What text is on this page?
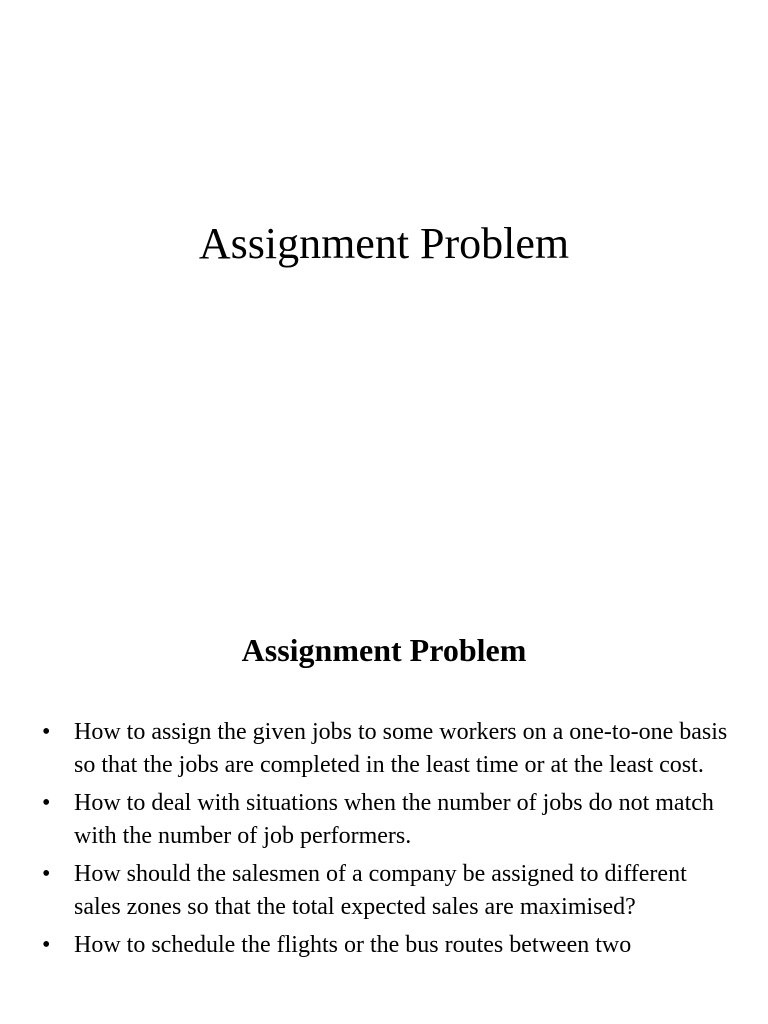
Assignment Problem
Assignment Problem
• How to assign the given jobs to some workers on a one-to-one basis so that the jobs are completed in the least time or at the least cost.
• How to deal with situations when the number of jobs do not match with the number of job performers.
• How should the salesmen of a company be assigned to different sales zones so that the total expected sales are maximised?
• How to schedule the flights or the bus routes between two
